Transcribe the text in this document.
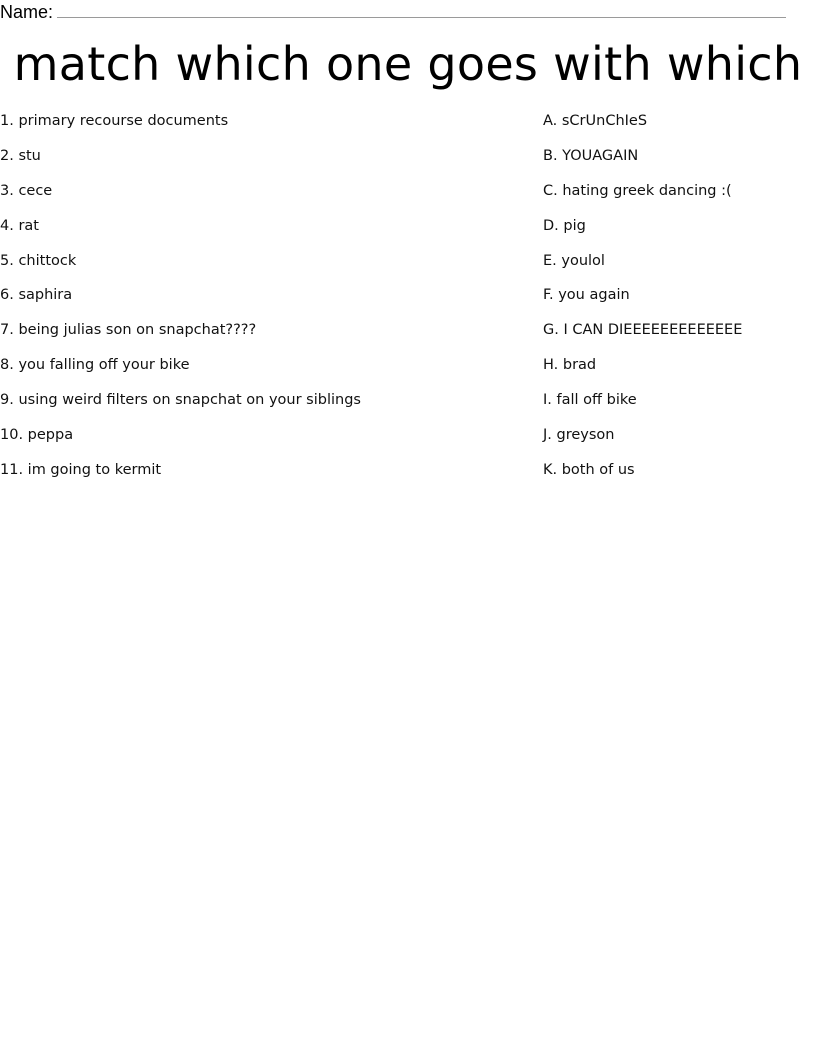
Name:
match which one goes with which
1. primary recourse documents
2. stu
3. cece
4. rat
5. chittock
6. saphira
7. being julias son on snapchat????
8. you falling off your bike
9. using weird filters on snapchat on your siblings
10. peppa
11. im going to kermit
A. sCrUnChIeS
B. YOUAGAIN
C. hating greek dancing :(
D. pig
E. youlol
F. you again
G. I CAN DIEEEEEEEEEEEEE
H. brad
I. fall off bike
J. greyson
K. both of us
